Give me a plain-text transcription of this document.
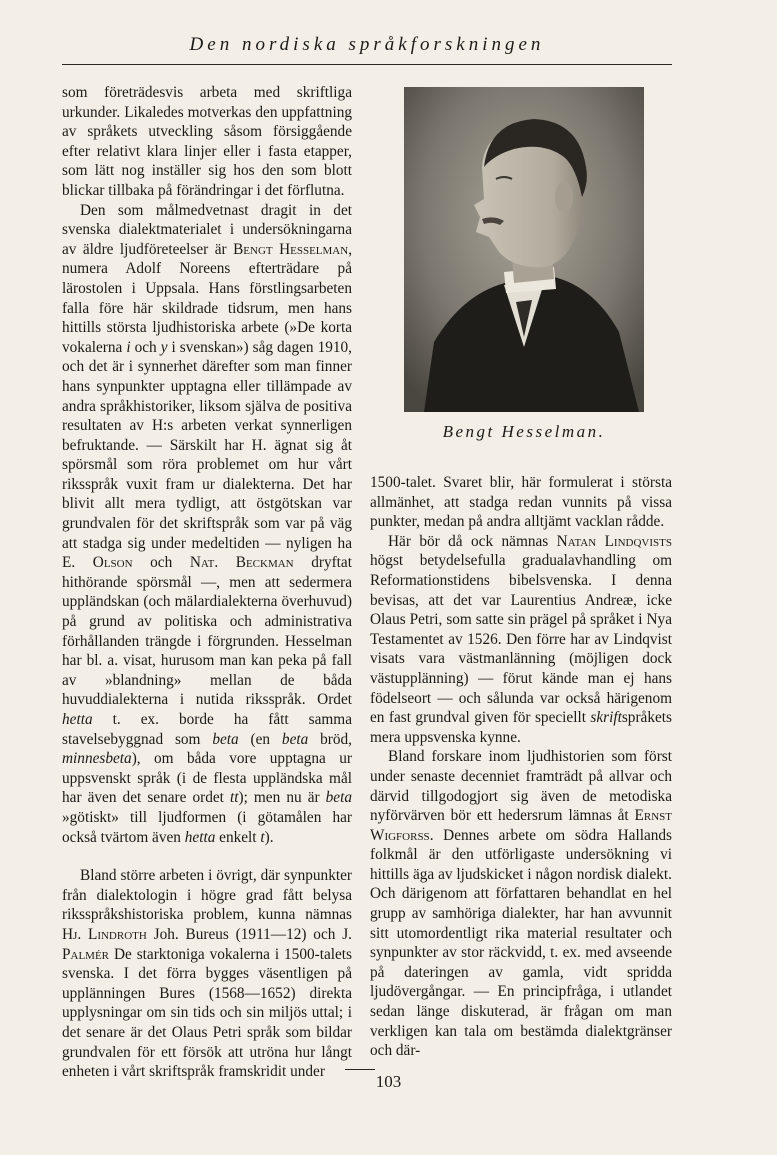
Den nordiska språkforskningen

som företrädesvis arbeta med skriftliga urkunder. Likaledes motverkas den uppfattning av språkets utveckling såsom försiggående efter relativt klara linjer eller i fasta etapper, som lätt nog inställer sig hos den som blott blickar tillbaka på förändringar i det förflutna.

Den som målmedvetnast dragit in det svenska dialektmaterialet i undersökningarna av äldre ljudföreteelser är Bengt Hesselman, numera Adolf Noreens efterträdare på lärostolen i Uppsala. Hans förstlingsarbeten falla före här skildrade tidsrum, men hans hittills största ljudhistoriska arbete (»De korta vokalerna i och y i svenskan») såg dagen 1910, och det är i synnerhet därefter som man finner hans synpunkter upptagna eller tillämpade av andra språkhistoriker, liksom själva de positiva resultaten av H:s arbeten verkat synnerligen befruktande. — Särskilt har H. ägnat sig åt spörsmål som röra problemet om hur vårt riksspråk vuxit fram ur dialekterna. Det har blivit allt mera tydligt, att östgötskan var grundvalen för det skriftspråk som var på väg att stadga sig under medeltiden — nyligen ha E. Olson och Nat. Beckman dryftat hithörande spörsmål —, men att sedermera uppländskan (och mälardialekterna överhuvud) på grund av politiska och administrativa förhållanden trängde i förgrunden. Hesselman har bl. a. visat, hurusom man kan peka på fall av »blandning» mellan de båda huvuddialekterna i nutida riksspråk. Ordet hetta t. ex. borde ha fått samma stavelsebyggnad som beta (en beta bröd, minnesbeta), om båda vore upptagna ur uppsvenskt språk (i de flesta uppländska mål har även det senare ordet tt); men nu är beta »götiskt» till ljudformen (i götamålen har också tvärtom även hetta enkelt t).

Bland större arbeten i övrigt, där synpunkter från dialektologin i högre grad fått belysa riksspråkshistoriska problem, kunna nämnas Hj. Lindroth Joh. Bureus (1911—12) och J. Palmér De starktoniga vokalerna i 1500-talets svenska. I det förra bygges väsentligen på upplänningen Bures (1568—1652) direkta upplysningar om sin tids och sin miljös uttal; i det senare är det Olaus Petri språk som bildar grundvalen för ett försök att utröna hur långt enheten i vårt skriftspråk framskridit under

Bengt Hesselman.

1500-talet. Svaret blir, här formulerat i största allmänhet, att stadga redan vunnits på vissa punkter, medan på andra alltjämt vacklan rådde.

Här bör då ock nämnas Natan Lindqvists högst betydelsefulla gradualavhandling om Reformationstidens bibelsvenska. I denna bevisas, att det var Laurentius Andreæ, icke Olaus Petri, som satte sin prägel på språket i Nya Testamentet av 1526. Den förre har av Lindqvist visats vara västmanlänning (möjligen dock västupplänning) — förut kände man ej hans födelseort — och sålunda var också härigenom en fast grundval given för speciellt skriftspråkets mera uppsvenska kynne.

Bland forskare inom ljudhistorien som först under senaste decenniet framträdt på allvar och därvid tillgodogjort sig även de metodiska nyförvärven bör ett hedersrum lämnas åt Ernst Wigforss. Dennes arbete om södra Hallands folkmål är den utförligaste undersökning vi hittills äga av ljudskicket i någon nordisk dialekt. Och därigenom att författaren behandlat en hel grupp av samhöriga dialekter, har han avvunnit sitt utomordentligt rika material resultater och synpunkter av stor räckvidd, t. ex. med avseende på dateringen av gamla, vidt spridda ljudövergångar. — En principfråga, i utlandet sedan länge diskuterad, är frågan om man verkligen kan tala om bestämda dialektgränser och där-

103
